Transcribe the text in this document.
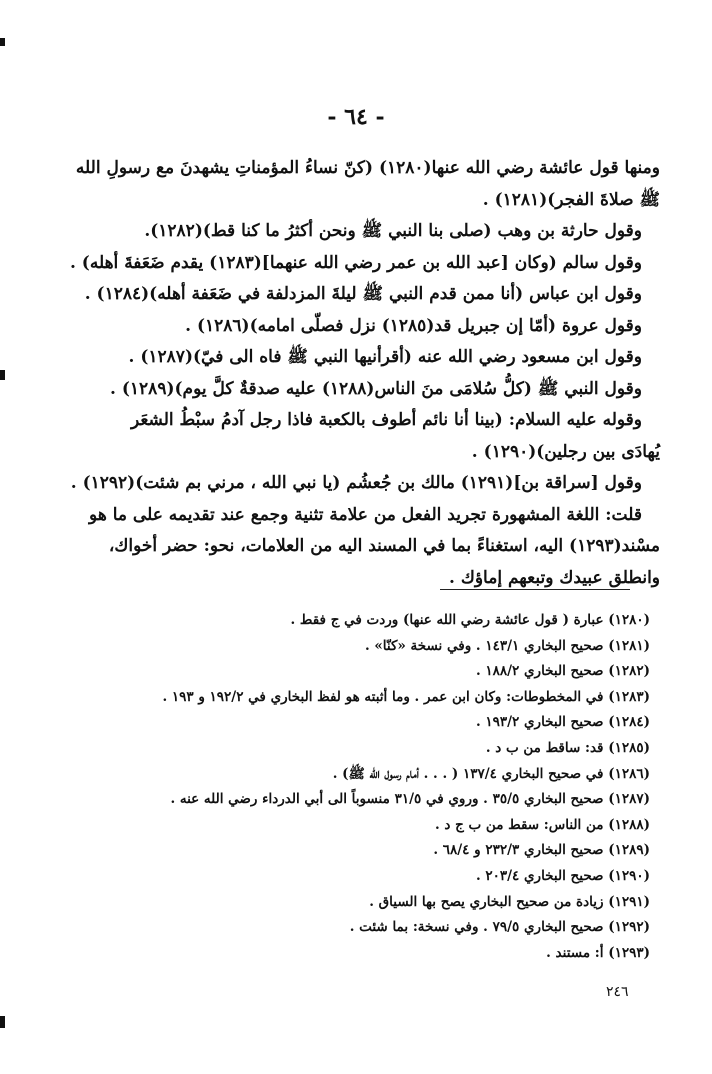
- ٦٤ -

ومنها قول عائشة رضي الله عنها(١٢٨٠) (كنّ نساءُ المؤمناتِ يشهدنَ مع رسولِ الله

ﷺ صلاةَ الفجر)(١٢٨١) .

وقول حارثة بن وهب (صلى بنا النبي ﷺ ونحن أكثرُ ما كنا قط)(١٢٨٢).

وقول سالم (وكان [عبد الله بن عمر رضي الله عنهما](١٢٨٣) يقدم ضَعَفةَ أهله) .

وقول ابن عباس (أنا ممن قدم النبي ﷺ ليلةَ المزدلفة في ضَعَفة أهله)(١٢٨٤) .

وقول عروة (أمّا إن جبريل قد(١٢٨٥) نزل فصلّى امامه)(١٢٨٦) .

وقول ابن مسعود رضي الله عنه (أقرأنيها النبي ﷺ فاه الى فيّ)(١٢٨٧) .

وقول النبي ﷺ (كلُّ سُلامَى منَ الناس(١٢٨٨) عليه صدقةٌ كلَّ يوم)(١٢٨٩) .

وقوله عليه السلام: (بينا أنا نائم أطوف بالكعبة فاذا رجل آدمُ سبْطُ الشعَر

يُهادَى بين رجلين)(١٢٩٠) .

وقول [سراقة بن](١٢٩١) مالك بن جُعشُم (يا نبي الله ، مرني بم شئت)(١٢٩٢) .

قلت: اللغة المشهورة تجريد الفعل من علامة تثنية وجمع عند تقديمه على ما هو

مسْند(١٢٩٣) اليه، استغناءً بما في المسند اليه من العلامات، نحو: حضر أخواك،

وانطلق عبيدك وتبعهم إماؤك .

(١٢٨٠) عبارة ( قول عائشة رضي الله عنها) وردت في ج فقط .
(١٢٨١) صحيح البخاري ١٤٣/١ . وفي نسخة «كنّا» .
(١٢٨٢) صحيح البخاري ١٨٨/٢ .
(١٢٨٣) في المخطوطات: وكان ابن عمر . وما أثبته هو لفظ البخاري في ١٩٢/٢ و ١٩٣ .
(١٢٨٤) صحيح البخاري ١٩٣/٢ .
(١٢٨٥) قد: ساقط من ب د .
(١٢٨٦) في صحيح البخاري ١٣٧/٤ ( . . . أمام رسول الله ﷺ) .
(١٢٨٧) صحيح البخاري ٣٥/٥ . وروي في ٣١/٥ منسوباً الى أبي الدرداء رضي الله عنه .
(١٢٨٨) من الناس: سقط من ب ج د .
(١٢٨٩) صحيح البخاري ٢٣٢/٣ و ٦٨/٤ .
(١٢٩٠) صحيح البخاري ٢٠٣/٤ .
(١٢٩١) زيادة من صحيح البخاري يصح بها السياق .
(١٢٩٢) صحيح البخاري ٧٩/٥ . وفي نسخة: بما شئت .
(١٢٩٣) أ: مستند .
٢٤٦
